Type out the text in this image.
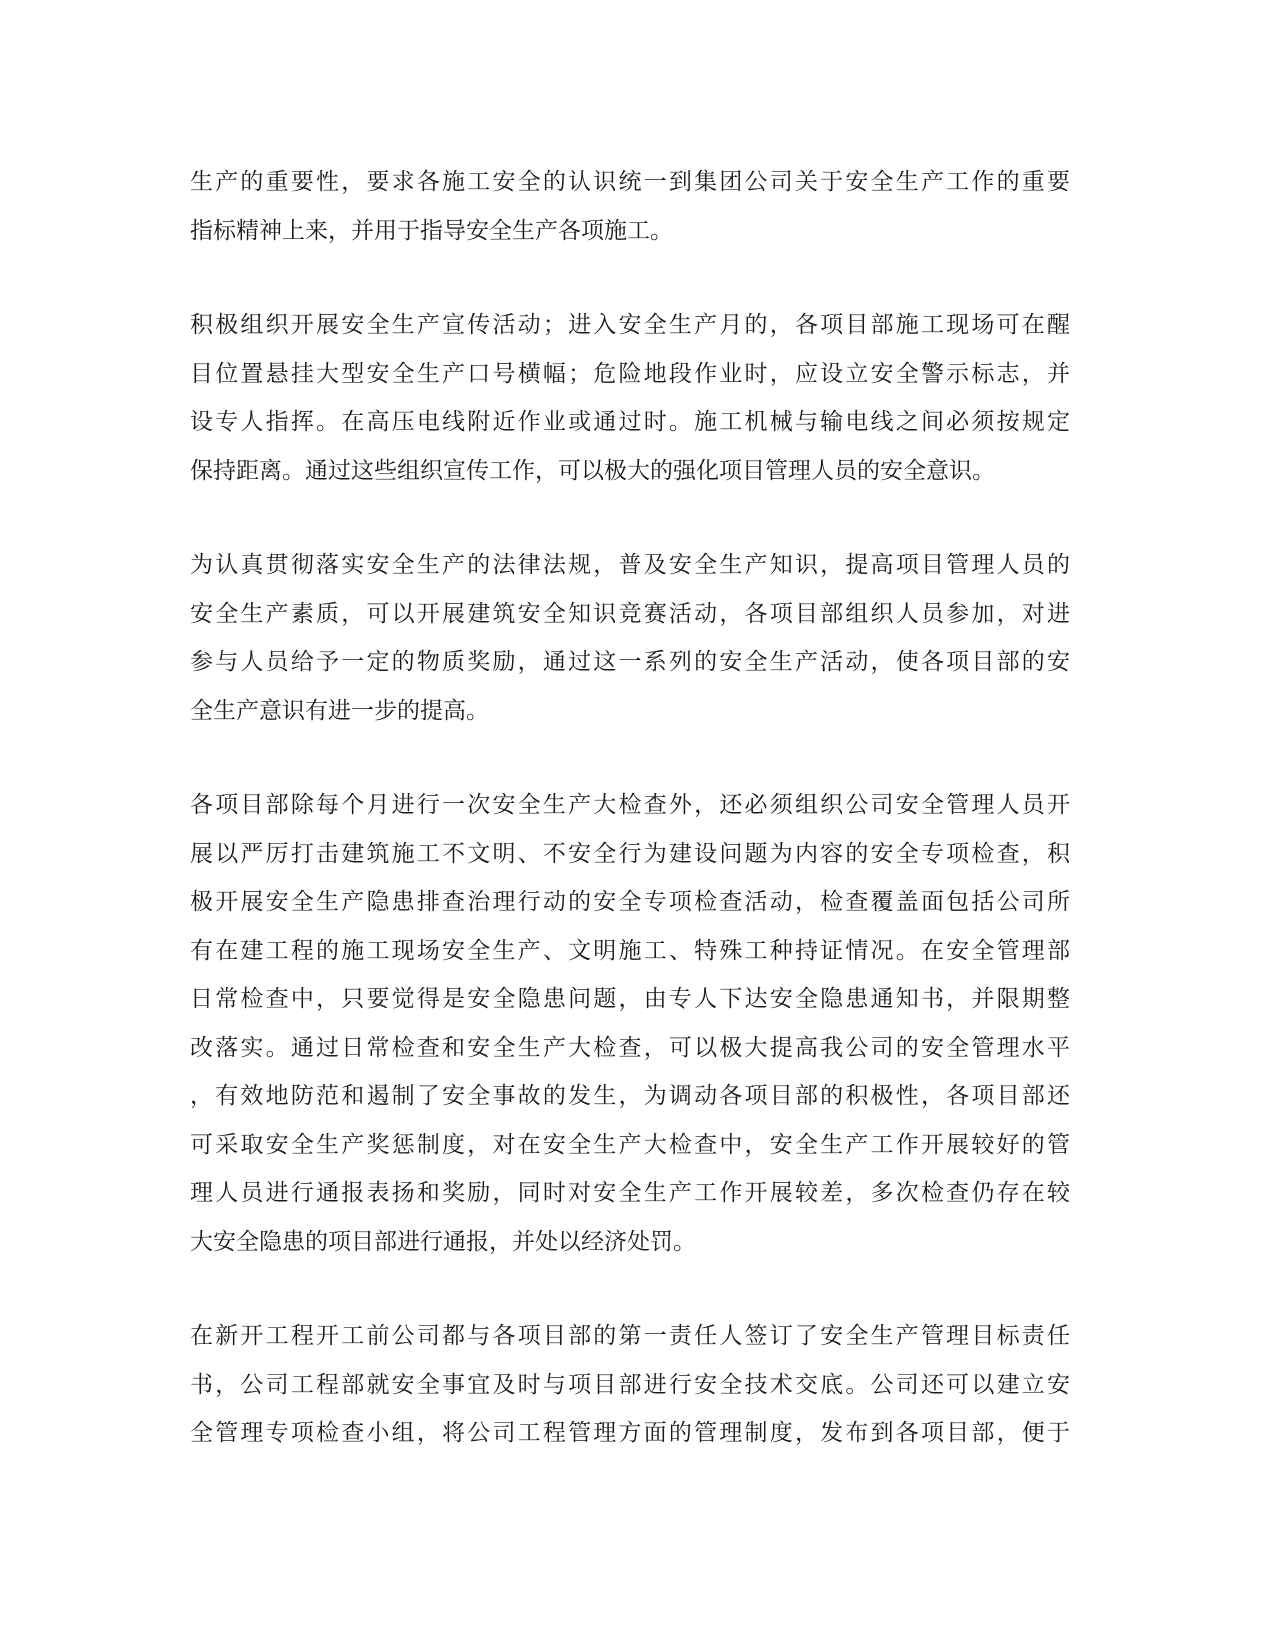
生产的重要性，要求各施工安全的认识统一到集团公司关于安全生产工作的重要
指标精神上来，并用于指导安全生产各项施工。
积极组织开展安全生产宣传活动；进入安全生产月的，各项目部施工现场可在醒
目位置悬挂大型安全生产口号横幅；危险地段作业时，应设立安全警示标志，并
设专人指挥。在高压电线附近作业或通过时。施工机械与输电线之间必须按规定
保持距离。通过这些组织宣传工作，可以极大的强化项目管理人员的安全意识。
为认真贯彻落实安全生产的法律法规，普及安全生产知识，提高项目管理人员的
安全生产素质，可以开展建筑安全知识竞赛活动，各项目部组织人员参加，对进
参与人员给予一定的物质奖励，通过这一系列的安全生产活动，使各项目部的安
全生产意识有进一步的提高。
各项目部除每个月进行一次安全生产大检查外，还必须组织公司安全管理人员开
展以严厉打击建筑施工不文明、不安全行为建设问题为内容的安全专项检查，积
极开展安全生产隐患排查治理行动的安全专项检查活动，检查覆盖面包括公司所
有在建工程的施工现场安全生产、文明施工、特殊工种持证情况。在安全管理部
日常检查中，只要觉得是安全隐患问题，由专人下达安全隐患通知书，并限期整
改落实。通过日常检查和安全生产大检查，可以极大提高我公司的安全管理水平
，有效地防范和遏制了安全事故的发生，为调动各项目部的积极性，各项目部还
可采取安全生产奖惩制度，对在安全生产大检查中，安全生产工作开展较好的管
理人员进行通报表扬和奖励，同时对安全生产工作开展较差，多次检查仍存在较
大安全隐患的项目部进行通报，并处以经济处罚。
在新开工程开工前公司都与各项目部的第一责任人签订了安全生产管理目标责任
书，公司工程部就安全事宜及时与项目部进行安全技术交底。公司还可以建立安
全管理专项检查小组，将公司工程管理方面的管理制度，发布到各项目部，便于
